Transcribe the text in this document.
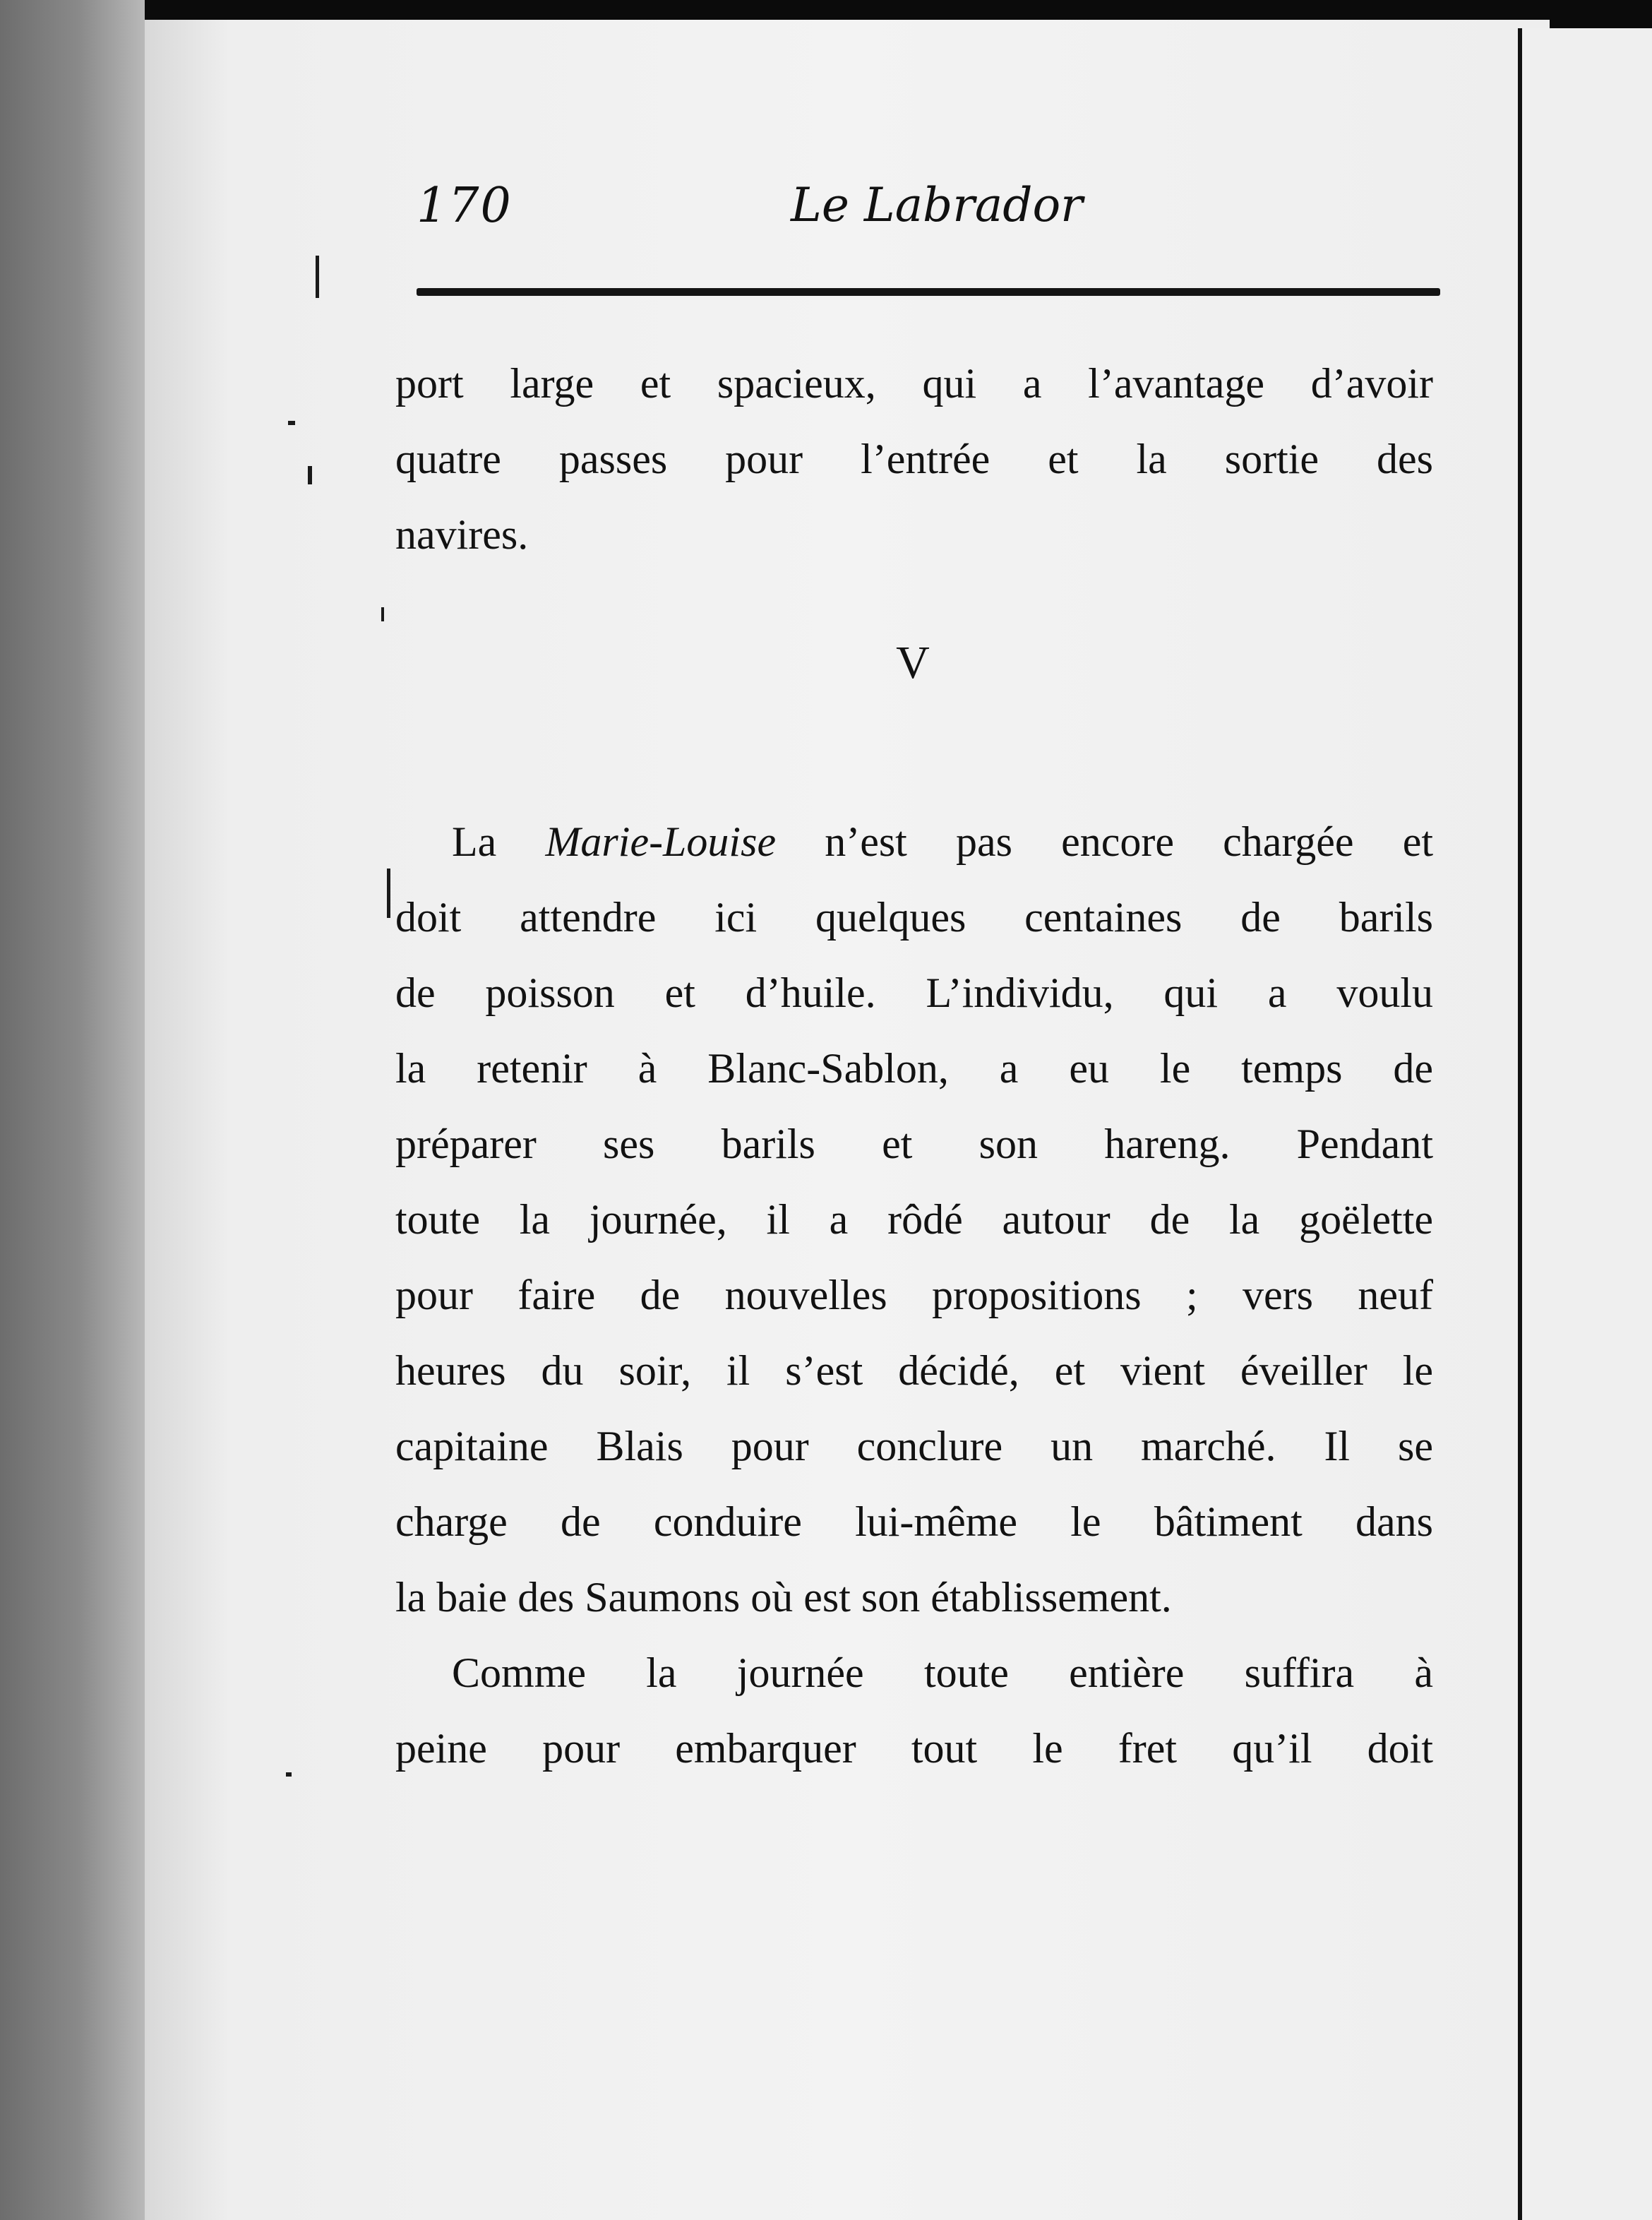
170	Le Labrador
port large et spacieux, qui a l’avantage d’avoir
quatre passes pour l’entrée et la sortie des
navires.
V
La Marie-Louise n’est pas encore chargée et
doit attendre ici quelques centaines de barils
de poisson et d’huile. L’individu, qui a voulu
la retenir à Blanc-Sablon, a eu le temps de
préparer ses barils et son hareng. Pendant
toute la journée, il a rôdé autour de la goëlette
pour faire de nouvelles propositions ; vers neuf
heures du soir, il s’est décidé, et vient éveiller le
capitaine Blais pour conclure un marché. Il se
charge de conduire lui-même le bâtiment dans
la baie des Saumons où est son établissement.
Comme la journée toute entière suffira à
peine pour embarquer tout le fret qu’il doit
